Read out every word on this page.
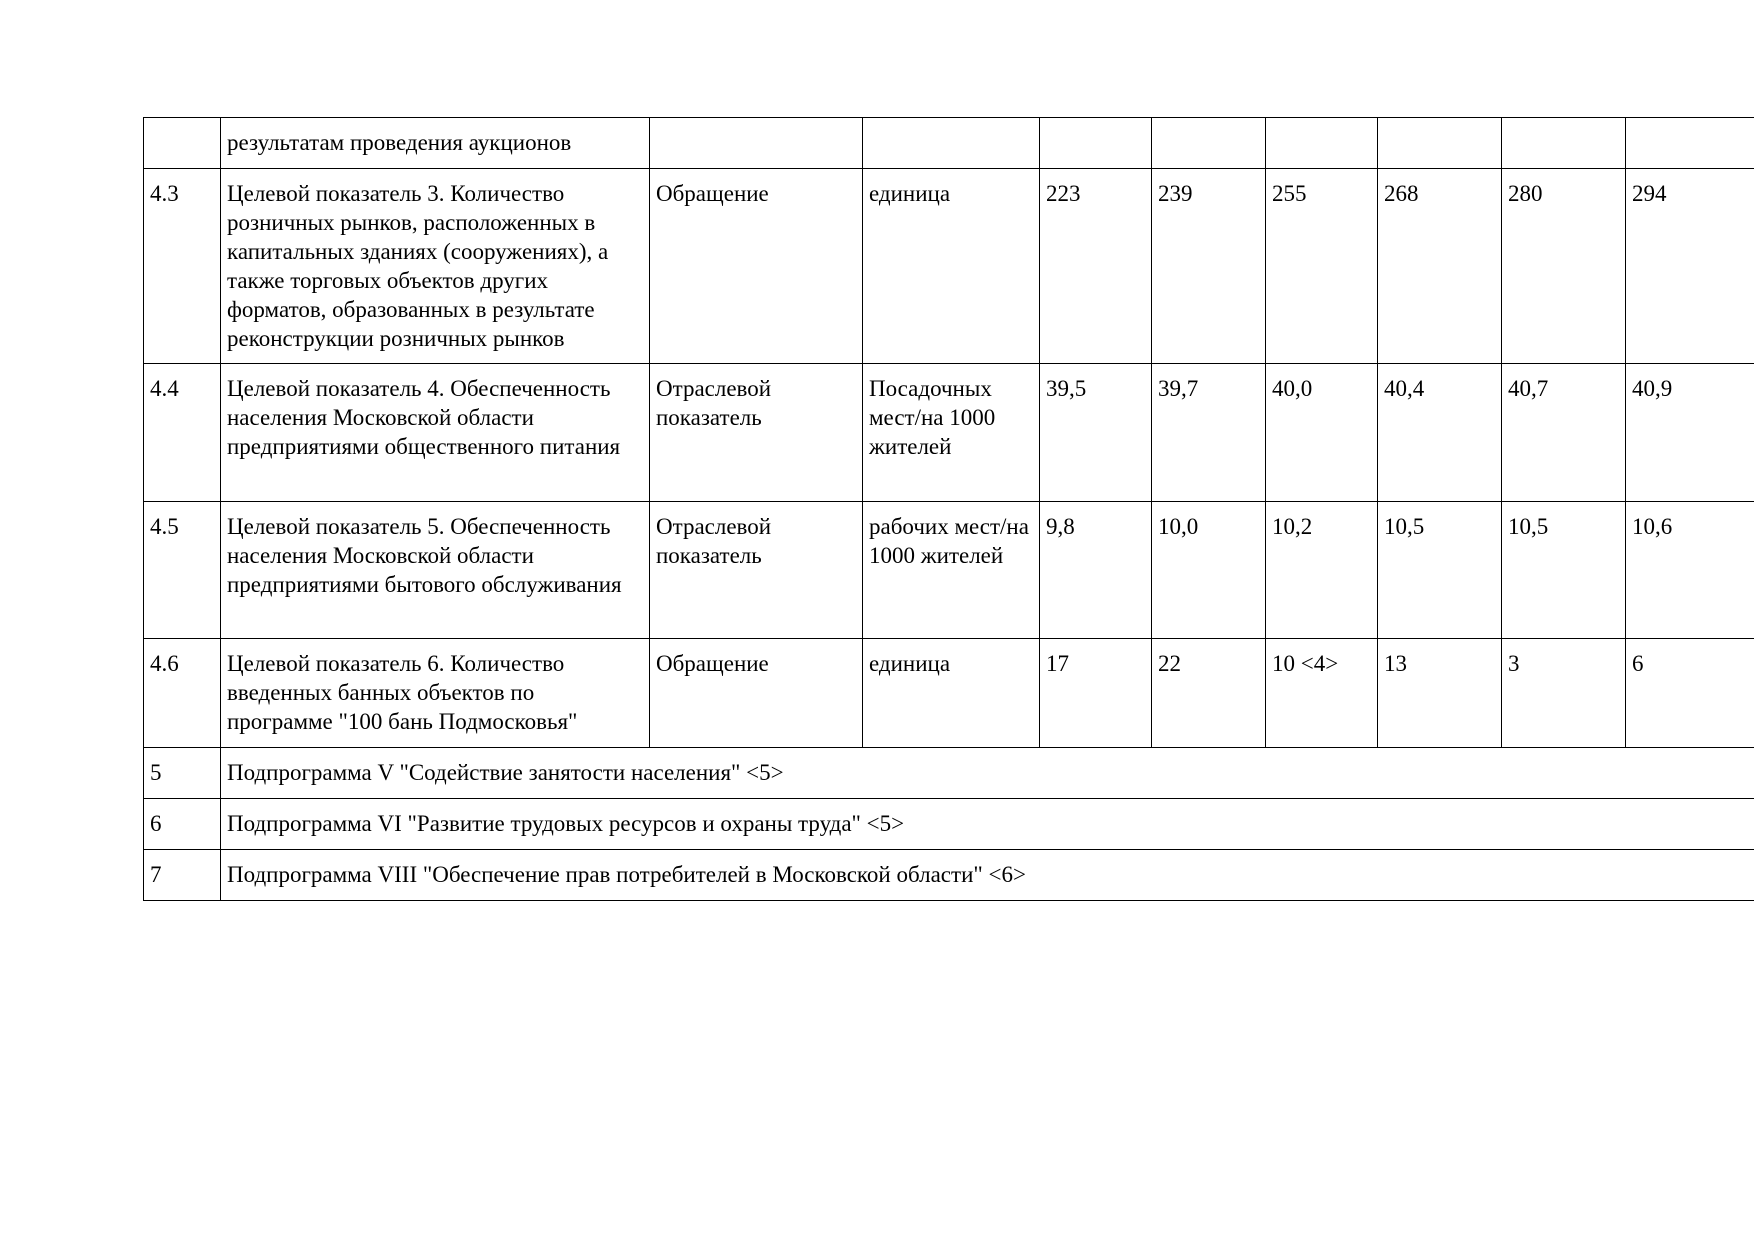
	результатам проведения аукционов								
4.3	Целевой показатель 3. Количество розничных рынков, расположенных в капитальных зданиях (сооружениях), а также торговых объектов других форматов, образованных в результате реконструкции розничных рынков	Обращение	единица	223	239	255	268	280	294
4.4	Целевой показатель 4. Обеспеченность населения Московской области предприятиями общественного питания	Отраслевой показатель	Посадочных мест/на 1000 жителей	39,5	39,7	40,0	40,4	40,7	40,9
4.5	Целевой показатель 5. Обеспеченность населения Московской области предприятиями бытового обслуживания	Отраслевой показатель	рабочих мест/на 1000 жителей	9,8	10,0	10,2	10,5	10,5	10,6
4.6	Целевой показатель 6. Количество введенных банных объектов по программе "100 бань Подмосковья"	Обращение	единица	17	22	10 <4>	13	3	6
5	Подпрограмма V "Содействие занятости населения" <5>								
6	Подпрограмма VI "Развитие трудовых ресурсов и охраны труда" <5>								
7	Подпрограмма VIII "Обеспечение прав потребителей в Московской области" <6>								
